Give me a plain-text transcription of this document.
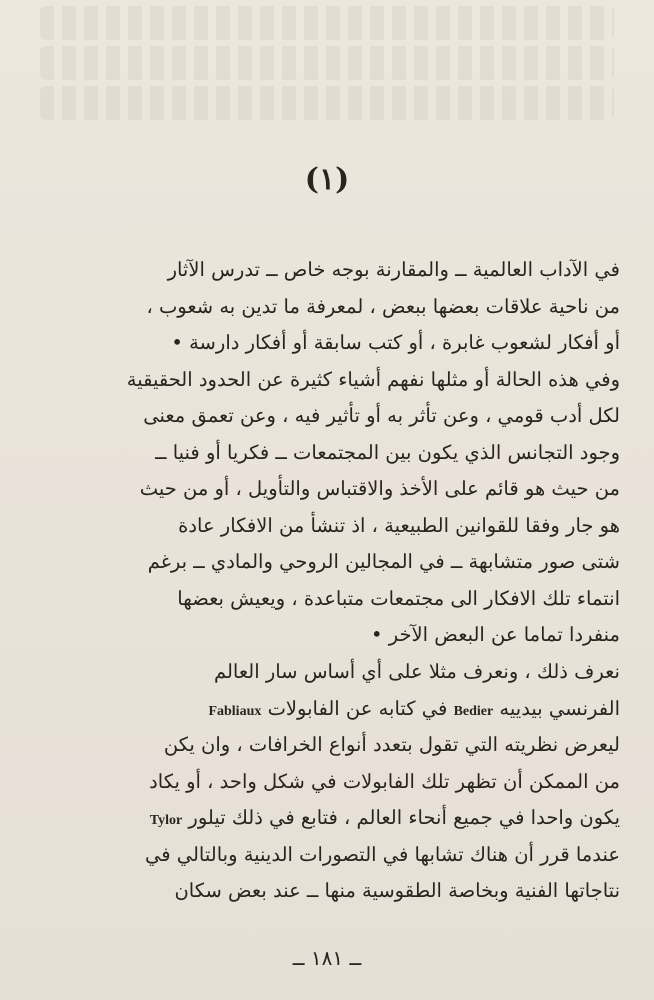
(١)
في الآداب العالمية ــ والمقارنة بوجه خاص ــ تدرس الآثار
من ناحية علاقات بعضها ببعض ، لمعرفة ما تدين به شعوب ،
أو أفكار لشعوب غابرة ، أو كتب سابقة أو أفكار دارسة •
وفي هذه الحالة أو مثلها نفهم أشياء كثيرة عن الحدود الحقيقية
لكل أدب قومي ، وعن تأثر به أو تأثير فيه ، وعن تعمق معنى
وجود التجانس الذي يكون بين المجتمعات ــ فكريا أو فنيا ــ
من حيث هو قائم على الأخذ والاقتباس والتأويل ، أو من حيث
هو جار وفقا للقوانين الطبيعية ، اذ تنشأ من الافكار عادة
شتى صور متشابهة ــ في المجالين الروحي والمادي ــ برغم
انتماء تلك الافكار الى مجتمعات متباعدة ، ويعيش بعضها
منفردا تماما عن البعض الآخر •
نعرف ذلك ، ونعرف مثلا على أي أساس سار العالم
الفرنسي بيدييه Bedier في كتابه عن الفابولات Fabliaux
ليعرض نظريته التي تقول بتعدد أنواع الخرافات ، وان يكن
من الممكن أن تظهر تلك الفابولات في شكل واحد ، أو يكاد
يكون واحدا في جميع أنحاء العالم ، فتابع في ذلك تيلور Tylor
عندما قرر أن هناك تشابها في التصورات الدينية وبالتالي في
نتاجاتها الفنية وبخاصة الطقوسية منها ــ عند بعض سكان
ــ ١٨١ ــ
